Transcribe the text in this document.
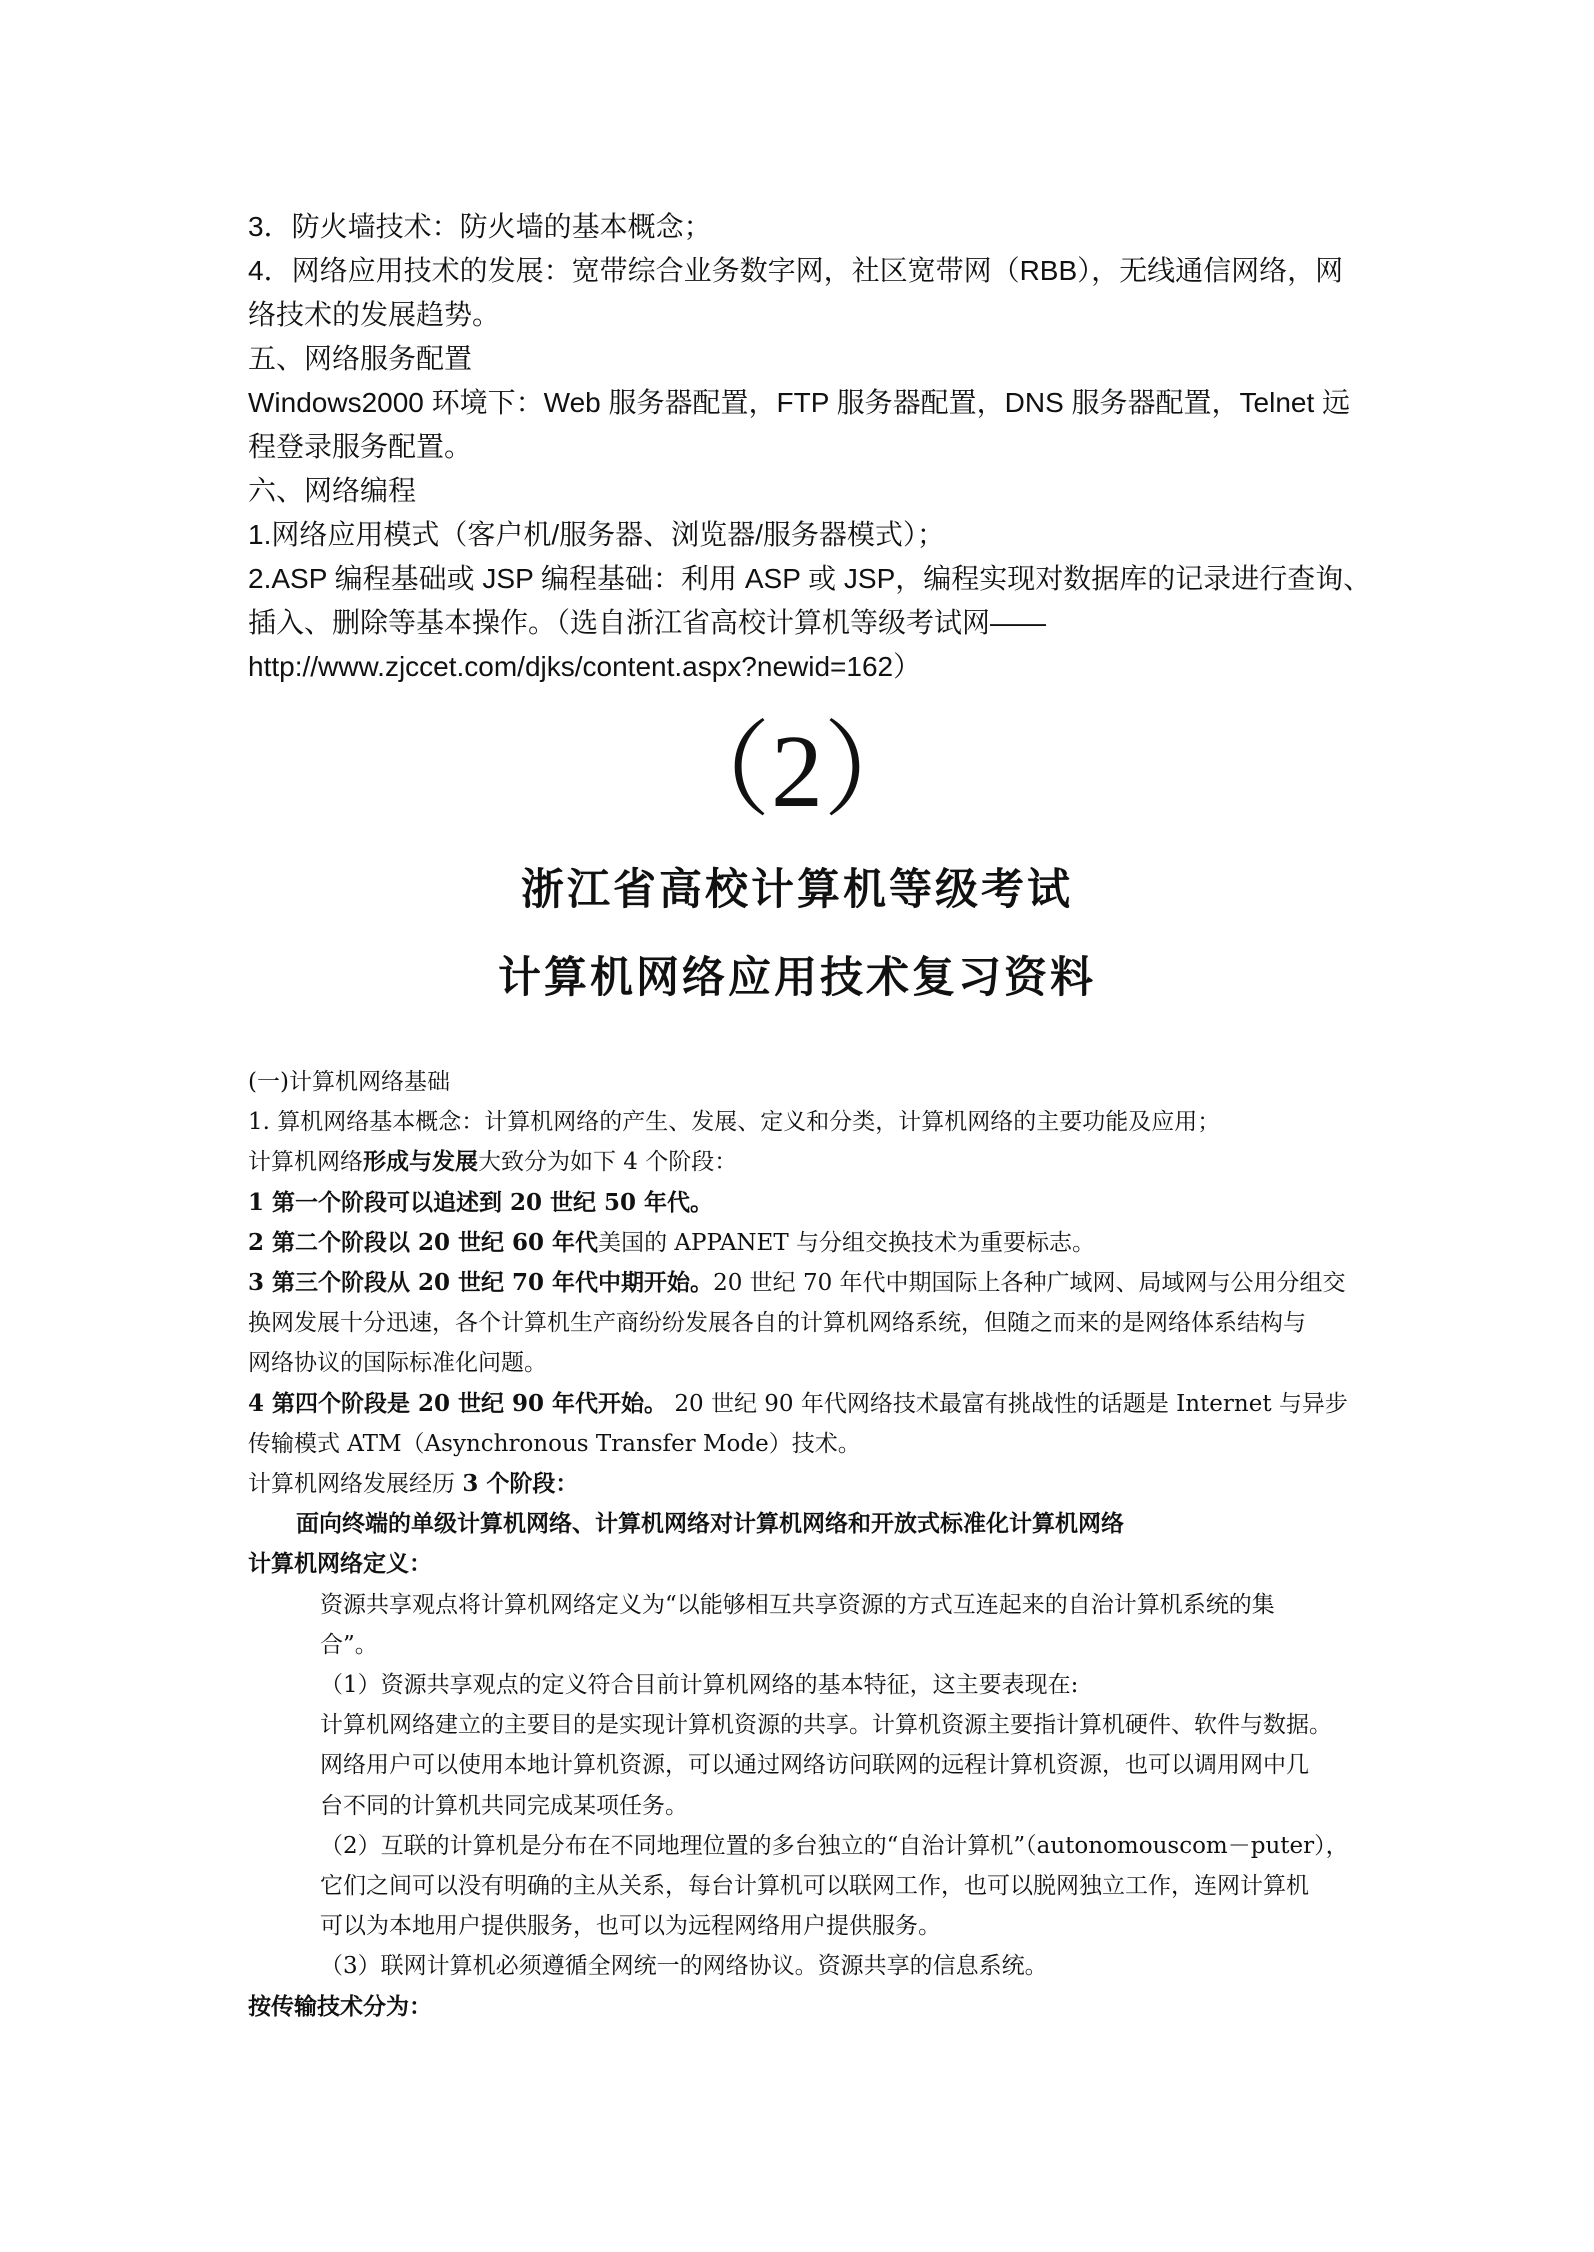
3．防火墙技术：防火墙的基本概念；

4．网络应用技术的发展：宽带综合业务数字网，社区宽带网（RBB），无线通信网络，网

络技术的发展趋势。

五、网络服务配置

Windows2000 环境下：Web 服务器配置，FTP 服务器配置，DNS 服务器配置，Telnet 远

程登录服务配置。

六、网络编程

1.网络应用模式（客户机/服务器、浏览器/服务器模式）；

2.ASP 编程基础或 JSP 编程基础：利用 ASP 或 JSP，编程实现对数据库的记录进行查询、

插入、删除等基本操作。（选自浙江省高校计算机等级考试网——

http://www.zjccet.com/djks/content.aspx?newid=162）

（2）
浙江省高校计算机等级考试
计算机网络应用技术复习资料

(一)计算机网络基础

1. 算机网络基本概念：计算机网络的产生、发展、定义和分类，计算机网络的主要功能及应用；

计算机网络形成与发展大致分为如下 4 个阶段：

1 第一个阶段可以追述到 20 世纪 50 年代。

2 第二个阶段以 20 世纪 60 年代美国的 APPANET 与分组交换技术为重要标志。

3 第三个阶段从 20 世纪 70 年代中期开始。20 世纪 70 年代中期国际上各种广域网、局域网与公用分组交

换网发展十分迅速，各个计算机生产商纷纷发展各自的计算机网络系统，但随之而来的是网络体系结构与

网络协议的国际标准化问题。

4 第四个阶段是 20 世纪 90 年代开始。 20 世纪 90 年代网络技术最富有挑战性的话题是 Internet 与异步

传输模式 ATM（Asynchronous Transfer Mode）技术。

计算机网络发展经历 3 个阶段：

面向终端的单级计算机网络、计算机网络对计算机网络和开放式标准化计算机网络

计算机网络定义：

资源共享观点将计算机网络定义为“以能够相互共享资源的方式互连起来的自治计算机系统的集

合”。

（1）资源共享观点的定义符合目前计算机网络的基本特征，这主要表现在:

计算机网络建立的主要目的是实现计算机资源的共享。计算机资源主要指计算机硬件、软件与数据。

网络用户可以使用本地计算机资源，可以通过网络访问联网的远程计算机资源，也可以调用网中几

台不同的计算机共同完成某项任务。

（2）互联的计算机是分布在不同地理位置的多台独立的“自治计算机”（autonomouscom－puter），

它们之间可以没有明确的主从关系，每台计算机可以联网工作，也可以脱网独立工作，连网计算机

可以为本地用户提供服务，也可以为远程网络用户提供服务。

（3）联网计算机必须遵循全网统一的网络协议。资源共享的信息系统。

按传输技术分为：
